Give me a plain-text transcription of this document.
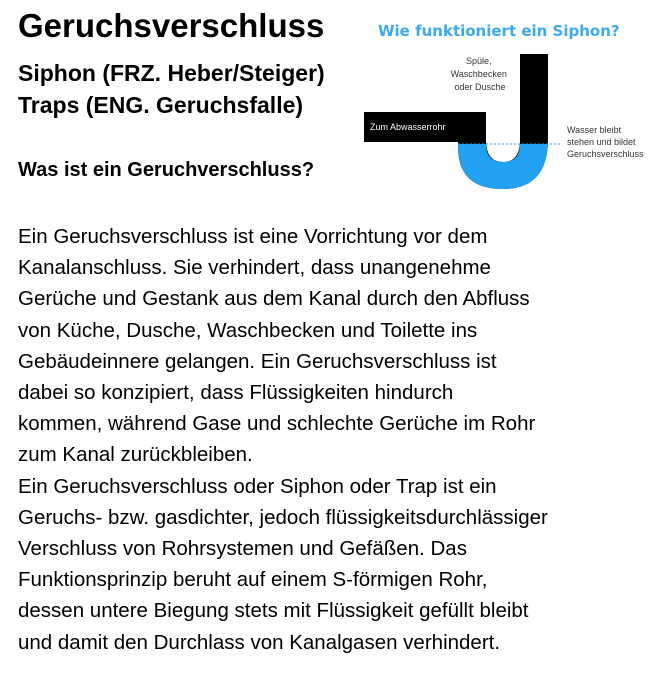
Geruchsverschluss
Siphon (FRZ. Heber/Steiger)
Traps (ENG. Geruchsfalle)
Wie funktioniert ein Siphon?
Spüle, Waschbecken oder Dusche
Zum Abwasserrohr	Wasser bleibt stehen und bildet Geruchsverschluss
Was ist ein Geruchverschluss?
Ein Geruchsverschluss ist eine Vorrichtung vor dem
Kanalanschluss. Sie verhindert, dass unangenehme
Gerüche und Gestank aus dem Kanal durch den Abfluss
von Küche, Dusche, Waschbecken und Toilette ins
Gebäudeinnere gelangen. Ein Geruchsverschluss ist
dabei so konzipiert, dass Flüssigkeiten hindurch
kommen, während Gase und schlechte Gerüche im Rohr
zum Kanal zurückbleiben.
Ein Geruchsverschluss oder Siphon oder Trap ist ein
Geruchs- bzw. gasdichter, jedoch flüssigkeitsdurchlässiger
Verschluss von Rohrsystemen und Gefäßen. Das
Funktionsprinzip beruht auf einem S-förmigen Rohr,
dessen untere Biegung stets mit Flüssigkeit gefüllt bleibt
und damit den Durchlass von Kanalgasen verhindert.
